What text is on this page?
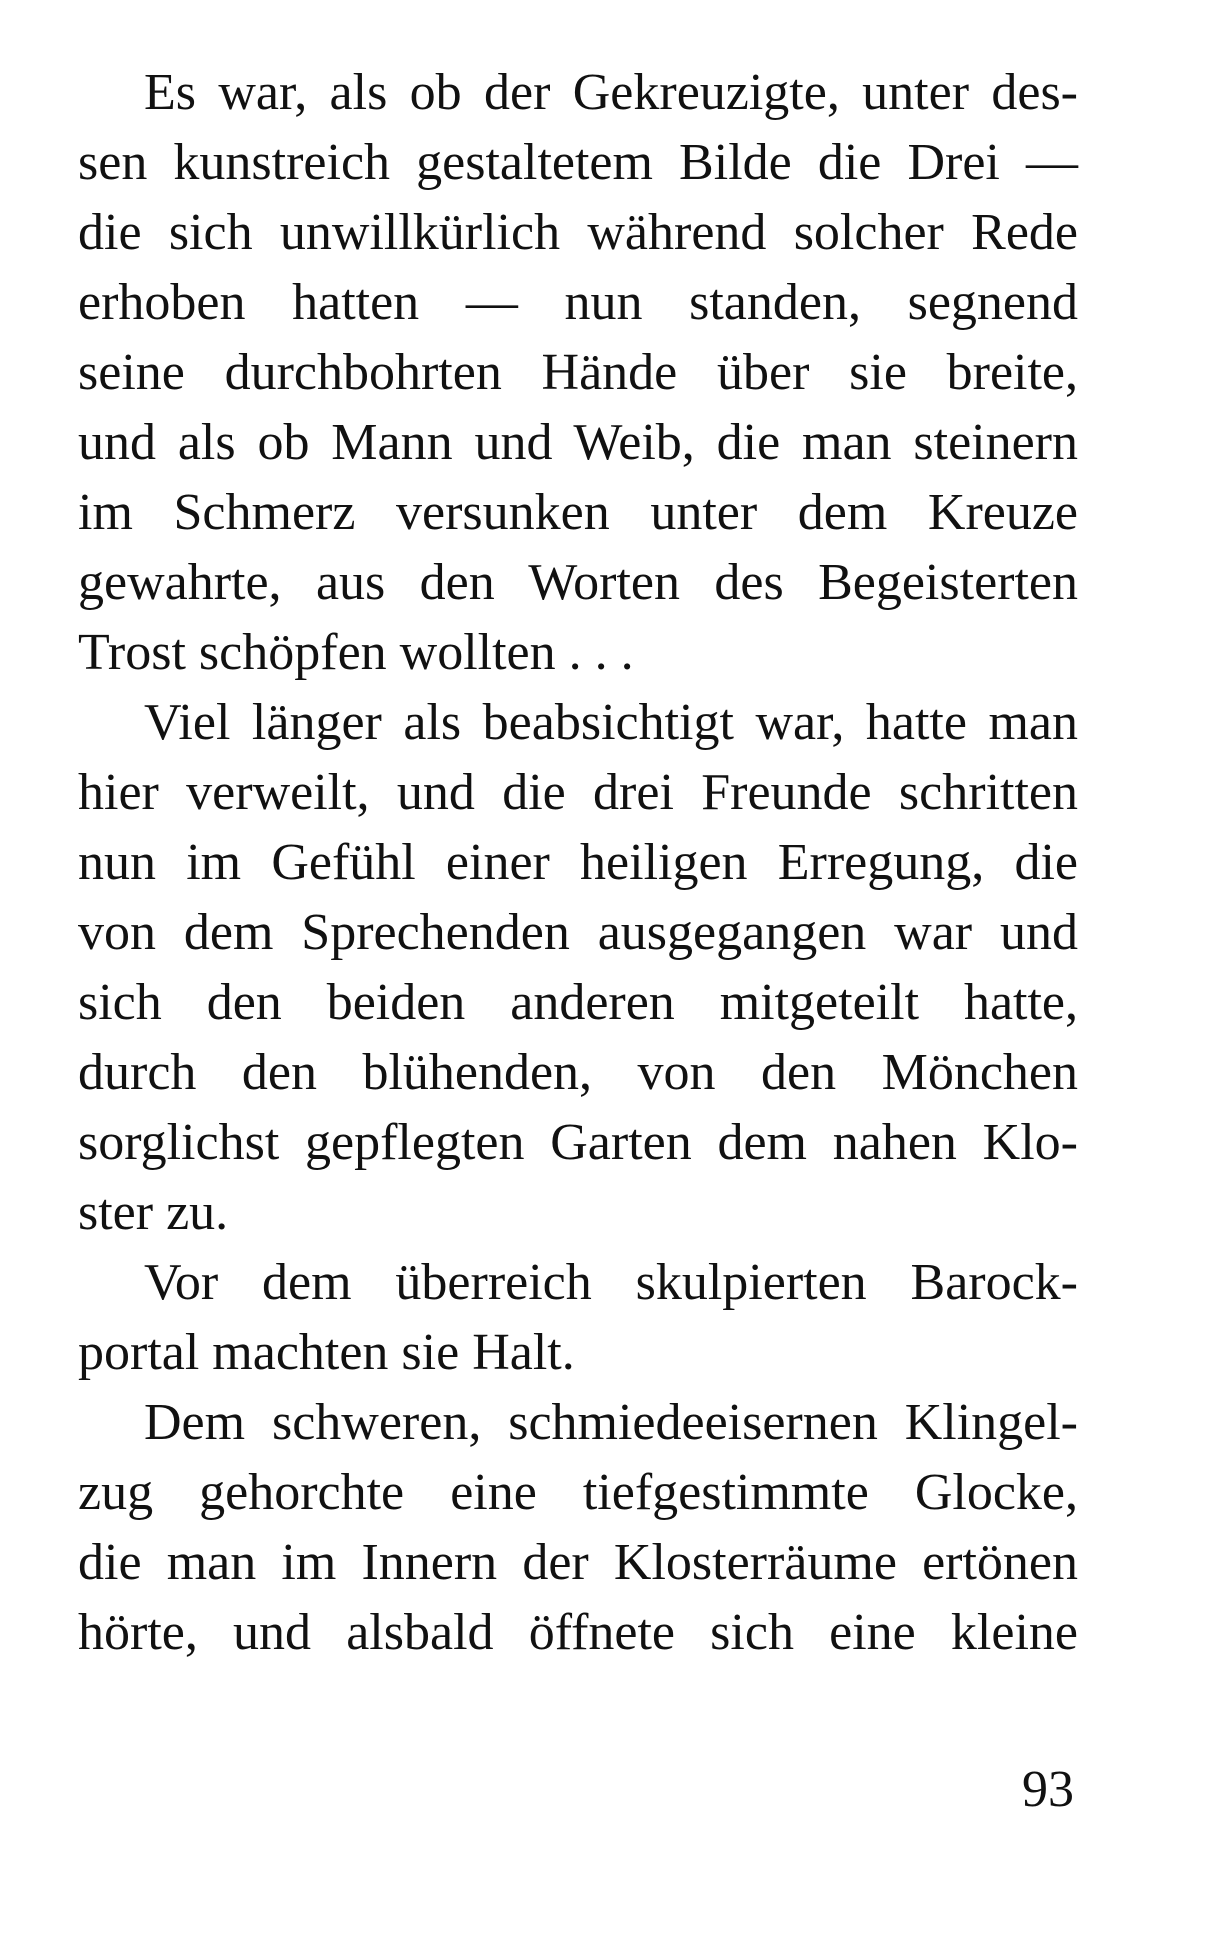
Es war, als ob der Gekreuzigte, unter des-
sen kunstreich gestaltetem Bilde die Drei —
die sich unwillkürlich während solcher Rede
erhoben hatten — nun standen, segnend
seine durchbohrten Hände über sie breite,
und als ob Mann und Weib, die man steinern
im Schmerz versunken unter dem Kreuze
gewahrte, aus den Worten des Begeisterten
Trost schöpfen wollten . . .
Viel länger als beabsichtigt war, hatte man
hier verweilt, und die drei Freunde schritten
nun im Gefühl einer heiligen Erregung, die
von dem Sprechenden ausgegangen war und
sich den beiden anderen mitgeteilt hatte,
durch den blühenden, von den Mönchen
sorglichst gepflegten Garten dem nahen Klo-
ster zu.
Vor dem überreich skulpierten Barock-
portal machten sie Halt.
Dem schweren, schmiedeeisernen Klingel-
zug gehorchte eine tiefgestimmte Glocke,
die man im Innern der Klosterräume ertönen
hörte, und alsbald öffnete sich eine kleine
93
